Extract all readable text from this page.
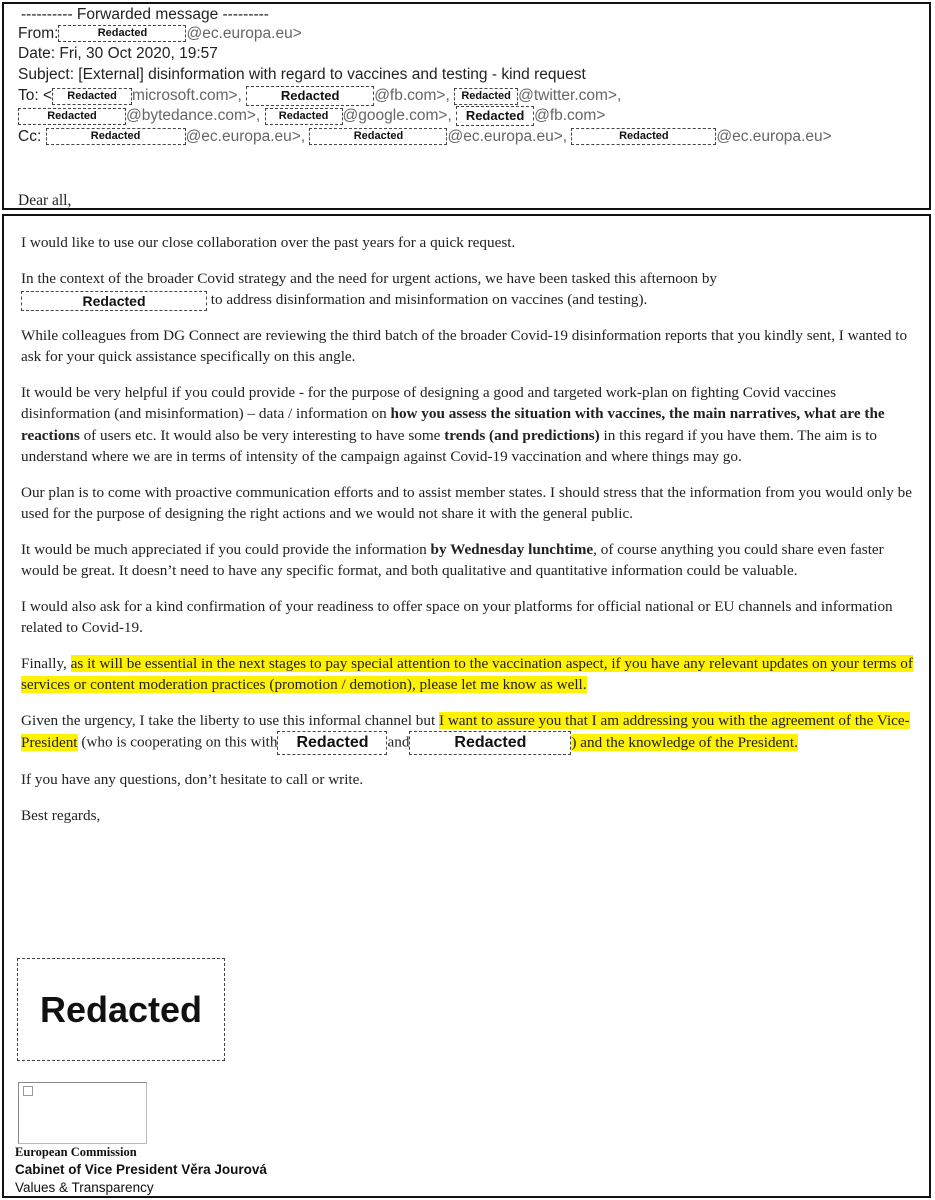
---------- Forwarded message ---------
From:	Redacted	@ec.europa.eu>
Date: Fri, 30 Oct 2020, 19:57
Subject: [External] disinformation with regard to vaccines and testing - kind request
To: < Redacted microsoft.com>,	Redacted @fb.com>, Redacted @twitter.com>,
Redacted @bytedance.com>, Redacted @google.com>, Redacted @fb.com>
Cc:	Redacted	@ec.europa.eu>,	Redacted	@ec.europa.eu>,	Redacted	@ec.europa.eu>
Dear all,

I would like to use our close collaboration over the past years for a quick request.

In the context of the broader Covid strategy and the need for urgent actions, we have been tasked this afternoon by
Redacted	to address disinformation and misinformation on vaccines (and testing).

While colleagues from DG Connect are reviewing the third batch of the broader Covid-19 disinformation reports that you kindly sent, I wanted to ask for your quick assistance specifically on this angle.

It would be very helpful if you could provide - for the purpose of designing a good and targeted work-plan on fighting Covid vaccines disinformation (and misinformation) – data / information on how you assess the situation with vaccines, the main narratives, what are the reactions of users etc. It would also be very interesting to have some trends (and predictions) in this regard if you have them. The aim is to understand where we are in terms of intensity of the campaign against Covid-19 vaccination and where things may go.

Our plan is to come with proactive communication efforts and to assist member states. I should stress that the information from you would only be used for the purpose of designing the right actions and we would not share it with the general public.

It would be much appreciated if you could provide the information by Wednesday lunchtime, of course anything you could share even faster would be great. It doesn’t need to have any specific format, and both qualitative and quantitative information could be valuable.

I would also ask for a kind confirmation of your readiness to offer space on your platforms for official national or EU channels and information related to Covid-19.

Finally, as it will be essential in the next stages to pay special attention to the vaccination aspect, if you have any relevant updates on your terms of services or content moderation practices (promotion / demotion), please let me know as well.

Given the urgency, I take the liberty to use this informal channel but I want to assure you that I am addressing you with the agreement of the Vice-President (who is cooperating on this with Redacted and	Redacted	) and the knowledge of the President.

If you have any questions, don’t hesitate to call or write.

Best regards,

Redacted
European Commission
Cabinet of Vice President Věra Jourová
Values & Transparency
